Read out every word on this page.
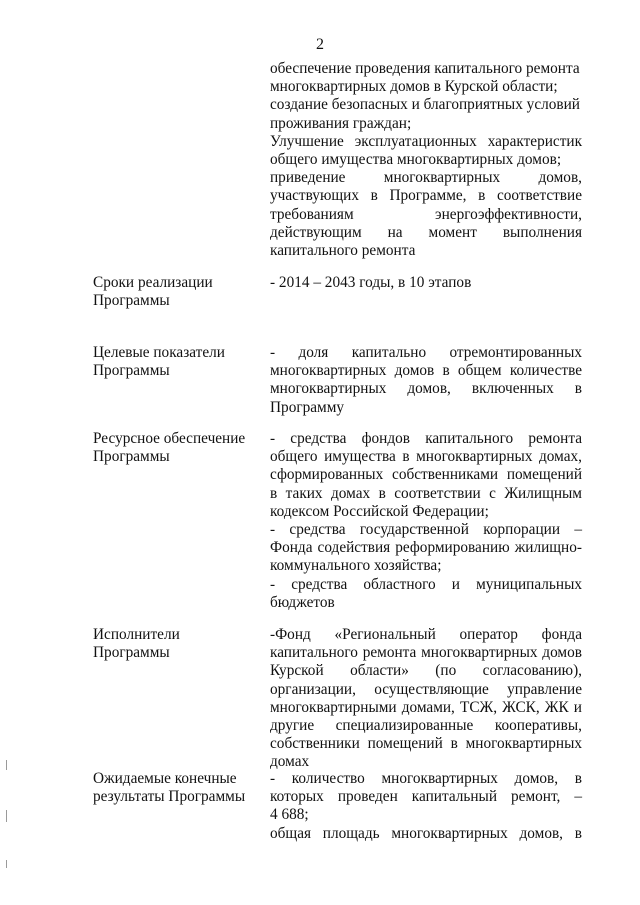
2
обеспечение проведения капитального ремонта
многоквартирных домов в Курской области;
создание безопасных и благоприятных условий
проживания граждан;
Улучшение эксплуатационных характеристик
общего имущества многоквартирных домов;
приведение многоквартирных домов,
участвующих в Программе, в соответствие
требованиям энергоэффективности,
действующим на момент выполнения
капитального ремонта
Сроки реализации
Программы
- 2014 – 2043 годы, в 10 этапов
Целевые показатели
Программы
- доля капитально отремонтированных
многоквартирных домов в общем количестве
многоквартирных домов, включенных в
Программу
Ресурсное обеспечение
Программы
- средства фондов капитального ремонта
общего имущества в многоквартирных домах,
сформированных собственниками помещений
в таких домах в соответствии с Жилищным
кодексом Российской Федерации;
- средства государственной корпорации –
Фонда содействия реформированию жилищно-
коммунального хозяйства;
- средства областного и муниципальных
бюджетов
Исполнители
Программы
-Фонд «Региональный оператор фонда
капитального ремонта многоквартирных домов
Курской области» (по согласованию),
организации, осуществляющие управление
многоквартирными домами, ТСЖ, ЖСК, ЖК и
другие специализированные кооперативы,
собственники помещений в многоквартирных
домах
Ожидаемые конечные
результаты Программы
- количество многоквартирных домов, в
которых проведен капитальный ремонт, –
4 688;
общая площадь многоквартирных домов, в
